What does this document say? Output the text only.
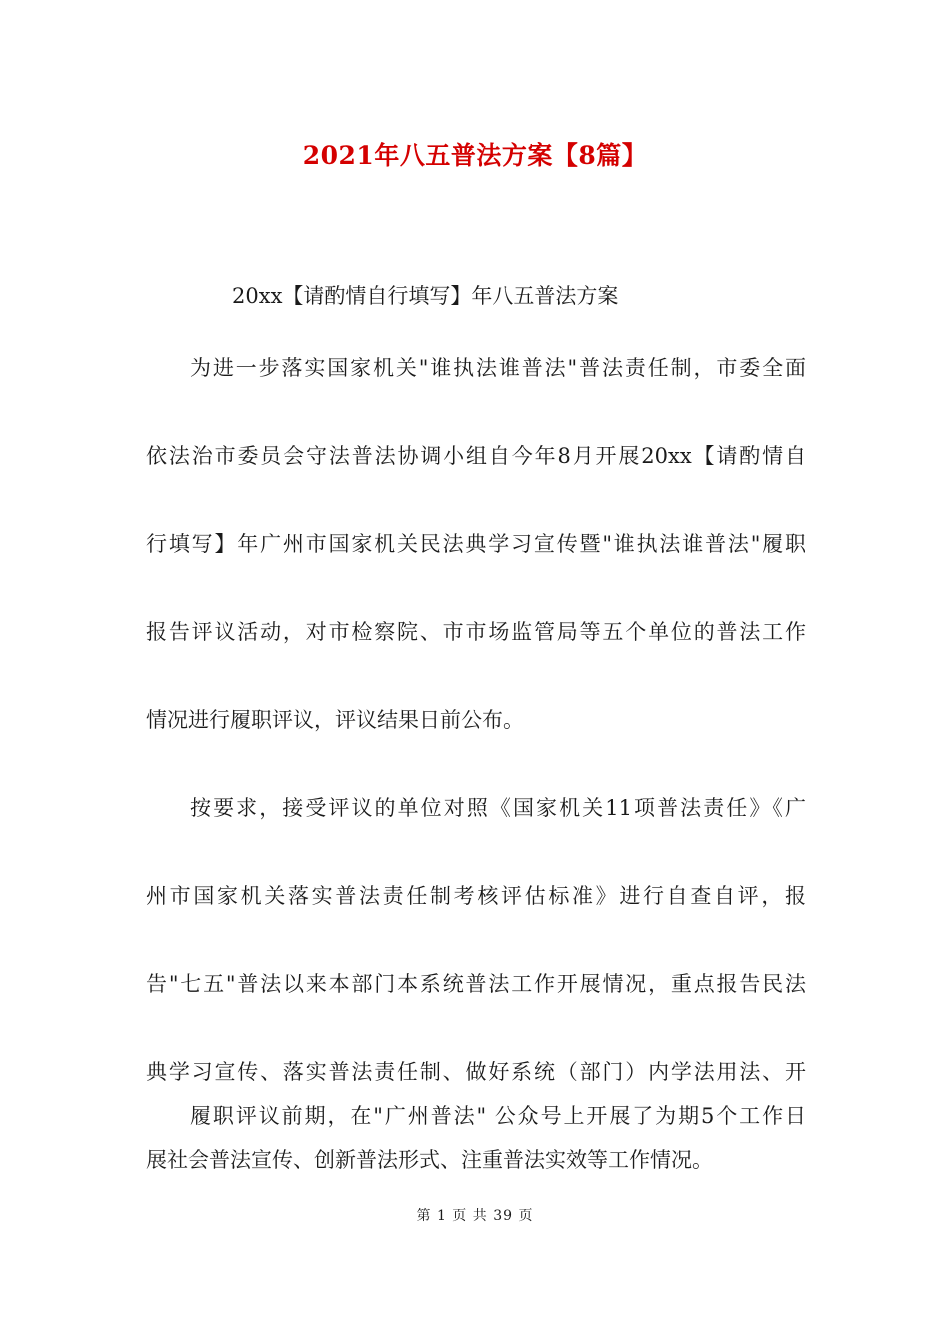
2021年八五普法方案【8篇】
20xx【请酌情自行填写】年八五普法方案
为进一步落实国家机关"谁执法谁普法"普法责任制，市委全面
依法治市委员会守法普法协调小组自今年8月开展20xx【请酌情自
行填写】年广州市国家机关民法典学习宣传暨"谁执法谁普法"履职
报告评议活动，对市检察院、市市场监管局等五个单位的普法工作
情况进行履职评议，评议结果日前公布。
按要求，接受评议的单位对照《国家机关11项普法责任》《广
州市国家机关落实普法责任制考核评估标准》进行自查自评，报
告"七五"普法以来本部门本系统普法工作开展情况，重点报告民法
典学习宣传、落实普法责任制、做好系统（部门）内学法用法、开
展社会普法宣传、创新普法形式、注重普法实效等工作情况。
履职评议前期，在"广州普法" 公众号上开展了为期5个工作日
第 1 页 共 39 页
